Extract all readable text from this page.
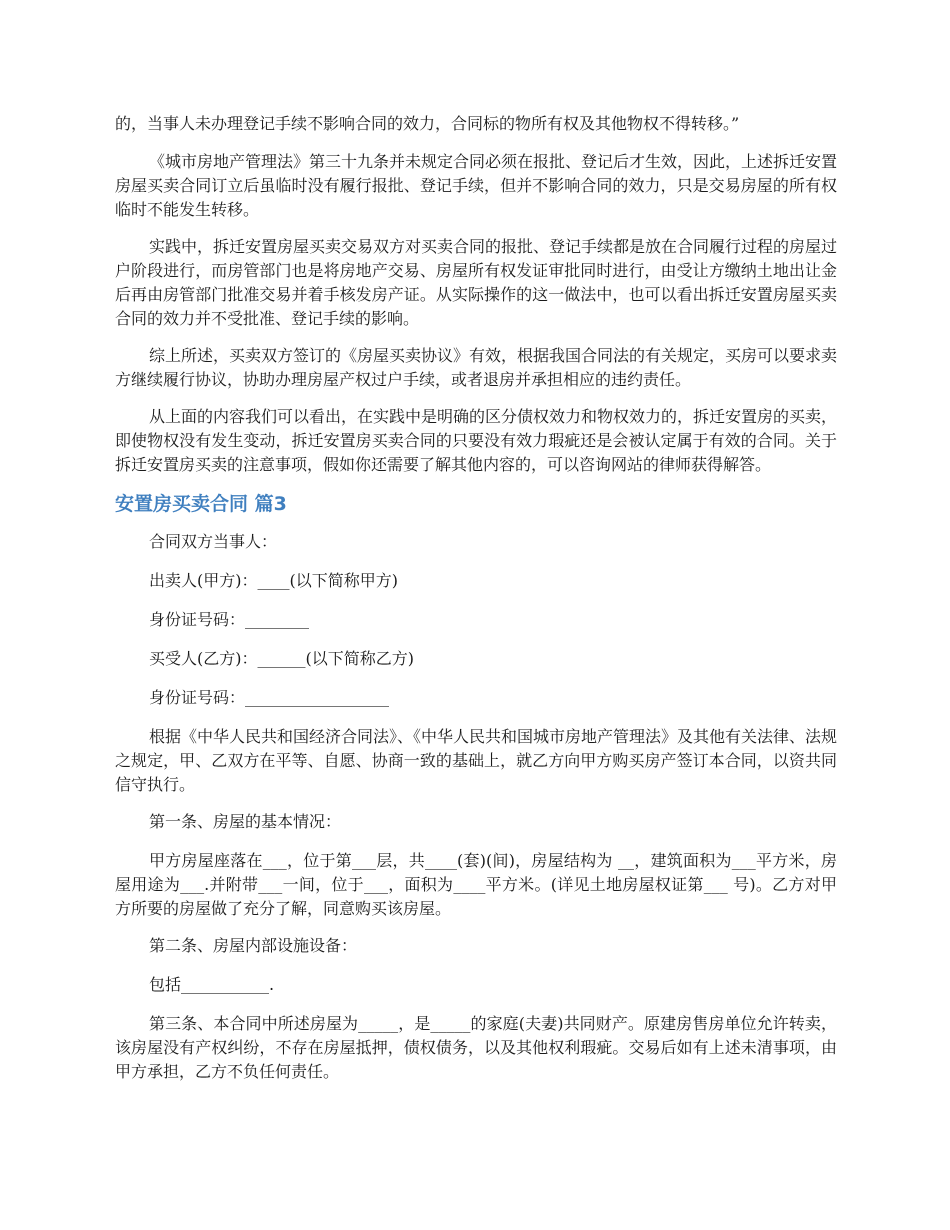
的，当事人未办理登记手续不影响合同的效力，合同标的物所有权及其他物权不得转移。”

《城市房地产管理法》第三十九条并未规定合同必须在报批、登记后才生效，因此，上述拆迁安置房屋买卖合同订立后虽临时没有履行报批、登记手续，但并不影响合同的效力，只是交易房屋的所有权临时不能发生转移。

实践中，拆迁安置房屋买卖交易双方对买卖合同的报批、登记手续都是放在合同履行过程的房屋过户阶段进行，而房管部门也是将房地产交易、房屋所有权发证审批同时进行，由受让方缴纳土地出让金后再由房管部门批准交易并着手核发房产证。从实际操作的这一做法中，也可以看出拆迁安置房屋买卖合同的效力并不受批准、登记手续的影响。

综上所述，买卖双方签订的《房屋买卖协议》有效，根据我国合同法的有关规定，买房可以要求卖方继续履行协议，协助办理房屋产权过户手续，或者退房并承担相应的违约责任。

从上面的内容我们可以看出，在实践中是明确的区分债权效力和物权效力的，拆迁安置房的买卖，即使物权没有发生变动，拆迁安置房买卖合同的只要没有效力瑕疵还是会被认定属于有效的合同。关于拆迁安置房买卖的注意事项，假如你还需要了解其他内容的，可以咨询网站的律师获得解答。

安置房买卖合同 篇3

合同双方当事人：

出卖人(甲方)：____(以下简称甲方)

身份证号码：________

买受人(乙方)：______(以下简称乙方)

身份证号码：__________________

根据《中华人民共和国经济合同法》、《中华人民共和国城市房地产管理法》及其他有关法律、法规之规定，甲、乙双方在平等、自愿、协商一致的基础上，就乙方向甲方购买房产签订本合同，以资共同信守执行。

第一条、房屋的基本情况：

甲方房屋座落在___，位于第___层，共____(套)(间)，房屋结构为 __，建筑面积为___平方米，房屋用途为___.并附带___一间，位于___，面积为____平方米。(详见土地房屋权证第___ 号)。乙方对甲方所要的房屋做了充分了解，同意购买该房屋。

第二条、房屋内部设施设备：

包括___________.

第三条、本合同中所述房屋为_____，是_____的家庭(夫妻)共同财产。原建房售房单位允许转卖，该房屋没有产权纠纷，不存在房屋抵押，债权债务，以及其他权利瑕疵。交易后如有上述未清事项，由甲方承担，乙方不负任何责任。
